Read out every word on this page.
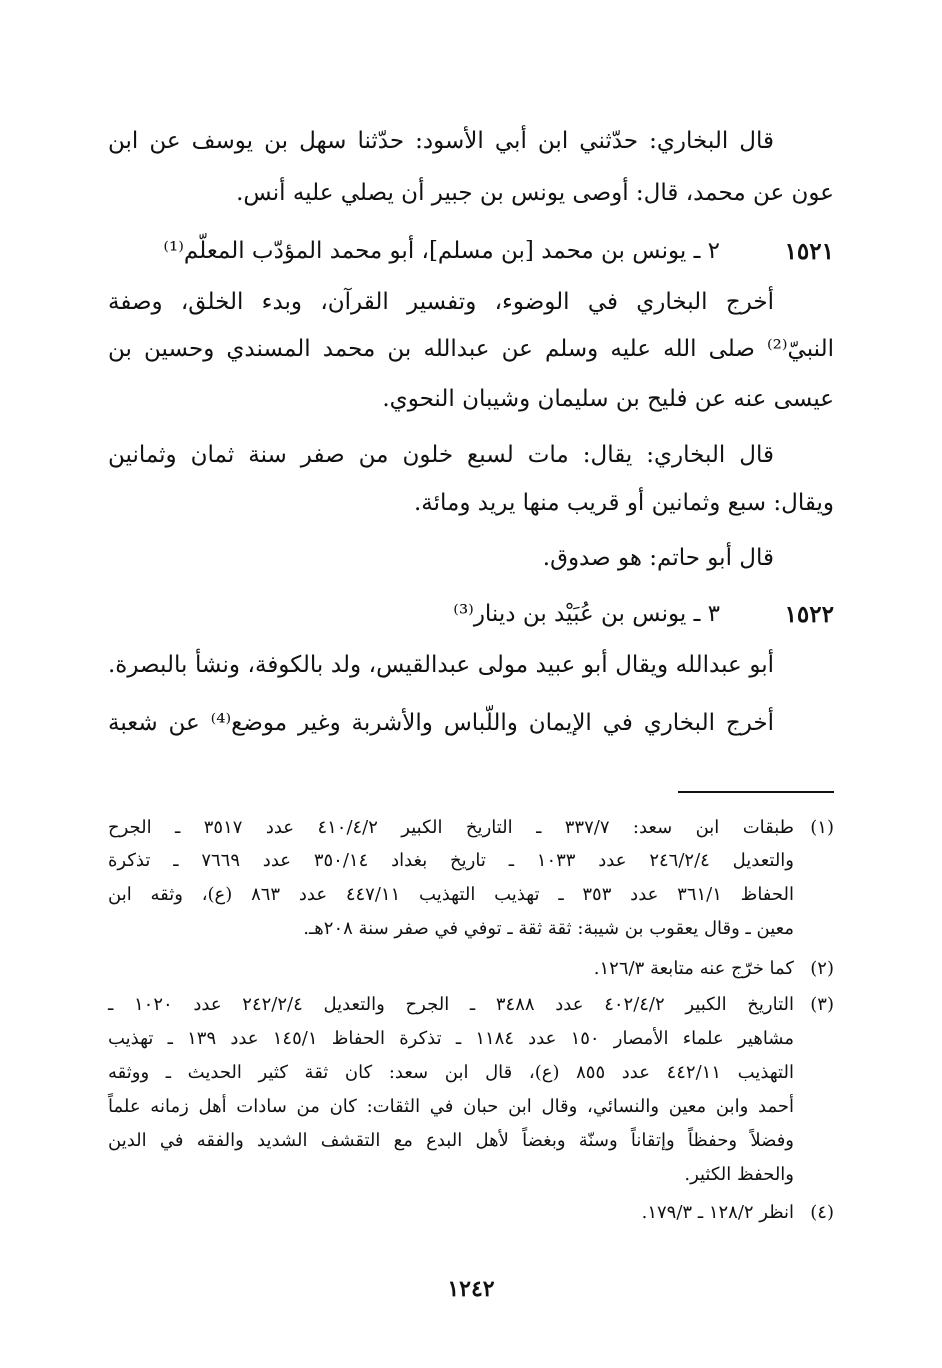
قال البخاري: حدّثني ابن أبي الأسود: حدّثنا سهل بن يوسف عن ابن
عون عن محمد، قال: أوصى يونس بن جبير أن يصلي عليه أنس.
١٥٢١
٢ ـ يونس بن محمد [بن مسلم]، أبو محمد المؤدّب المعلّم⁽¹⁾
أخرج البخاري في الوضوء، وتفسير القرآن، وبدء الخلق، وصفة
النبيّ⁽²⁾ صلى الله عليه وسلم عن عبدالله بن محمد المسندي وحسين بن
عيسى عنه عن فليح بن سليمان وشيبان النحوي.
قال البخاري: يقال: مات لسبع خلون من صفر سنة ثمان وثمانين
ويقال: سبع وثمانين أو قريب منها يريد ومائة.
قال أبو حاتم: هو صدوق.
١٥٢٢
٣ ـ يونس بن عُبَيْد بن دينار⁽³⁾
أبو عبدالله ويقال أبو عبيد مولى عبدالقيس، ولد بالكوفة، ونشأ بالبصرة.
أخرج البخاري في الإيمان واللّباس والأشربة وغير موضع⁽⁴⁾ عن شعبة
(١)
طبقات ابن سعد: ٣٣٧/٧ ـ التاريخ الكبير ٤١٠/٤/٢ عدد ٣٥١٧ ـ الجرح
والتعديل ٢٤٦/٢/٤ عدد ١٠٣٣ ـ تاريخ بغداد ٣٥٠/١٤ عدد ٧٦٦٩ ـ تذكرة
الحفاظ ٣٦١/١ عدد ٣٥٣ ـ تهذيب التهذيب ٤٤٧/١١ عدد ٨٦٣ (ع)، وثقه ابن
معين ـ وقال يعقوب بن شيبة: ثقة ثقة ـ توفي في صفر سنة ٢٠٨هـ.
(٢)
كما خرّج عنه متابعة ١٢٦/٣.
(٣)
التاريخ الكبير ٤٠٢/٤/٢ عدد ٣٤٨٨ ـ الجرح والتعديل ٢٤٢/٢/٤ عدد ١٠٢٠ ـ
مشاهير علماء الأمصار ١٥٠ عدد ١١٨٤ ـ تذكرة الحفاظ ١٤٥/١ عدد ١٣٩ ـ تهذيب
التهذيب ٤٤٢/١١ عدد ٨٥٥ (ع)، قال ابن سعد: كان ثقة كثير الحديث ـ ووثقه
أحمد وابن معين والنسائي، وقال ابن حبان في الثقات: كان من سادات أهل زمانه علماً
وفضلاً وحفظاً وإتقاناً وسنّة وبغضاً لأهل البدع مع التقشف الشديد والفقه في الدين
والحفظ الكثير.
(٤)
انظر ١٢٨/٢ ـ ١٧٩/٣.
١٢٤٢
